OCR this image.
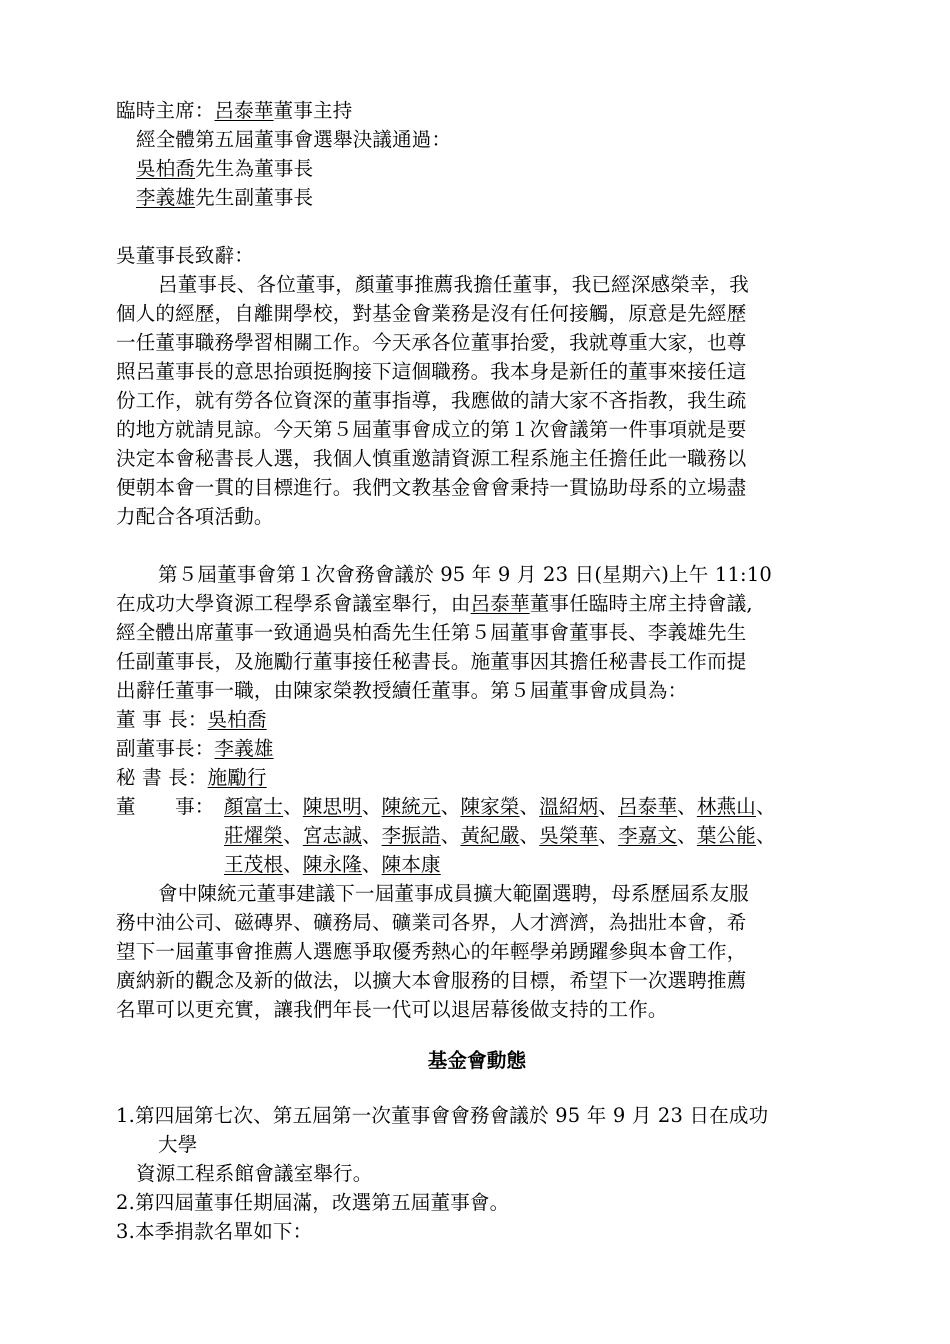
臨時主席：呂泰華董事主持
經全體第五屆董事會選舉決議通過：
吳柏喬先生為董事長
李義雄先生副董事長
吳董事長致辭：
呂董事長、各位董事，顏董事推薦我擔任董事，我已經深感榮幸，我
個人的經歷，自離開學校，對基金會業務是沒有任何接觸，原意是先經歷
一任董事職務學習相關工作。今天承各位董事抬愛，我就尊重大家，也尊
照呂董事長的意思抬頭挺胸接下這個職務。我本身是新任的董事來接任這
份工作，就有勞各位資深的董事指導，我應做的請大家不吝指教，我生疏
的地方就請見諒。今天第５屆董事會成立的第１次會議第一件事項就是要
決定本會秘書長人選，我個人慎重邀請資源工程系施主任擔任此一職務以
便朝本會一貫的目標進行。我們文教基金會會秉持一貫協助母系的立場盡
力配合各項活動。
第５屆董事會第１次會務會議於 95 年 9 月 23 日(星期六)上午 11:10
在成功大學資源工程學系會議室舉行，由呂泰華董事任臨時主席主持會議,
經全體出席董事一致通過吳柏喬先生任第５屆董事會董事長、李義雄先生
任副董事長，及施勵行董事接任秘書長。施董事因其擔任秘書長工作而提
出辭任董事一職，由陳家榮教授續任董事。第５屆董事會成員為：
董 事 長：吳柏喬
副董事長：李義雄
秘 書 長：施勵行
董　　事： 顏富士、陳思明、陳統元、陳家榮、溫紹炳、呂泰華、林燕山、
莊燿榮、宮志誠、李振誥、黃紀嚴、吳榮華、李嘉文、葉公能、
王茂根、陳永隆、陳本康
會中陳統元董事建議下一屆董事成員擴大範圍選聘，母系歷屆系友服
務中油公司、磁磚界、礦務局、礦業司各界，人才濟濟，為拙壯本會，希
望下一屆董事會推薦人選應爭取優秀熱心的年輕學弟踴躍參與本會工作，
廣納新的觀念及新的做法，以擴大本會服務的目標，希望下一次選聘推薦
名單可以更充實，讓我們年長一代可以退居幕後做支持的工作。
基金會動態
1.第四屆第七次、第五屆第一次董事會會務會議於 95 年 9 月 23 日在成功
大學
資源工程系館會議室舉行。
2.第四屆董事任期屆滿，改選第五屆董事會。
3.本季捐款名單如下：
